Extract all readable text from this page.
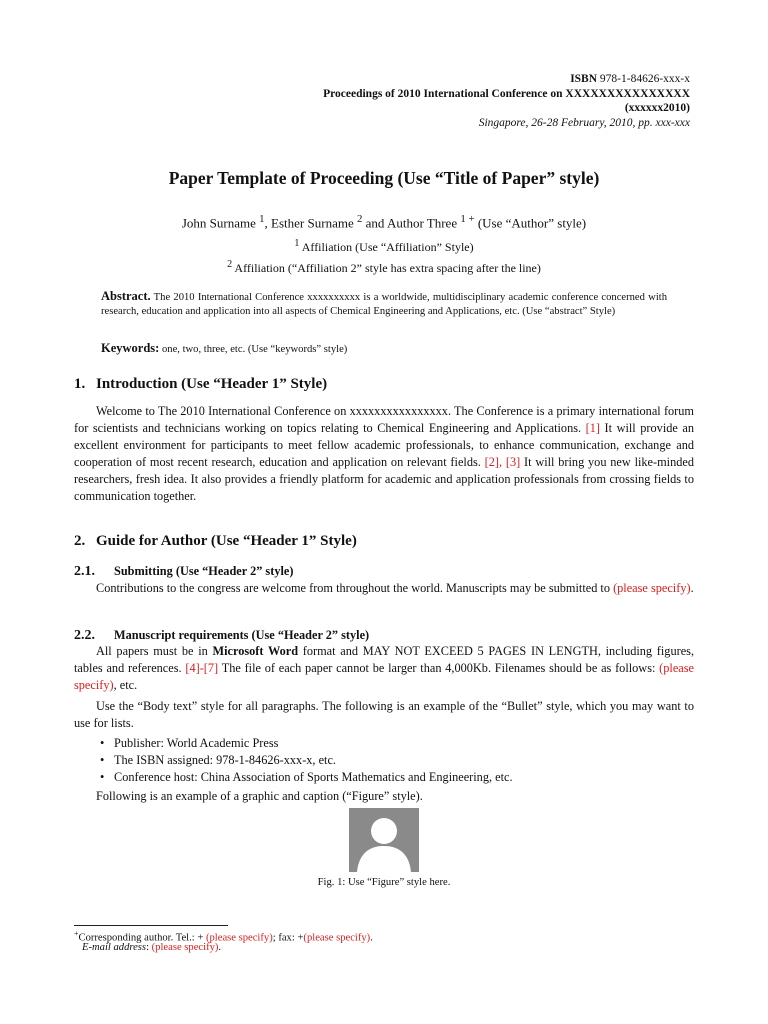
ISBN 978-1-84626-xxx-x
Proceedings of 2010 International Conference on XXXXXXXXXXXXXXX
(xxxxxx2010)
Singapore, 26-28 February, 2010, pp. xxx-xxx
Paper Template of Proceeding (Use “Title of Paper” style)
John Surname $^1$, Esther Surname $^2$ and Author Three $^{1 +}$ (Use “Author” style)
$^1$ Affiliation (Use “Affiliation” Style)
$^2$ Affiliation (“Affiliation 2” style has extra spacing after the line)
Abstract. The 2010 International Conference xxxxxxxxxx is a worldwide, multidisciplinary academic conference concerned with research, education and application into all aspects of Chemical Engineering and Applications, etc. (Use “abstract” Style)
Keywords: one, two, three, etc. (Use “keywords” style)
1. Introduction (Use “Header 1” Style)
Welcome to The 2010 International Conference on xxxxxxxxxxxxxxxx. The Conference is a primary international forum for scientists and technicians working on topics relating to Chemical Engineering and Applications. [1] It will provide an excellent environment for participants to meet fellow academic professionals, to enhance communication, exchange and cooperation of most recent research, education and application on relevant fields. [2], [3] It will bring you new like-minded researchers, fresh idea. It also provides a friendly platform for academic and application professionals from crossing fields to communication together.
2. Guide for Author (Use “Header 1” Style)
2.1. Submitting (Use “Header 2” style)
Contributions to the congress are welcome from throughout the world. Manuscripts may be submitted to (please specify).
2.2. Manuscript requirements (Use “Header 2” style)
All papers must be in Microsoft Word format and MAY NOT EXCEED 5 PAGES IN LENGTH, including figures, tables and references. [4]-[7] The file of each paper cannot be larger than 4,000Kb. Filenames should be as follows: (please specify), etc.
Use the “Body text” style for all paragraphs. The following is an example of the “Bullet” style, which you may want to use for lists.
• Publisher: World Academic Press
• The ISBN assigned: 978-1-84626-xxx-x, etc.
• Conference host: China Association of Sports Mathematics and Engineering, etc.
Following is an example of a graphic and caption (“Figure” style).
Fig. 1: Use “Figure” style here.
+Corresponding author. Tel.: + (please specify); fax: +(please specify).
E-mail address: (please specify).
